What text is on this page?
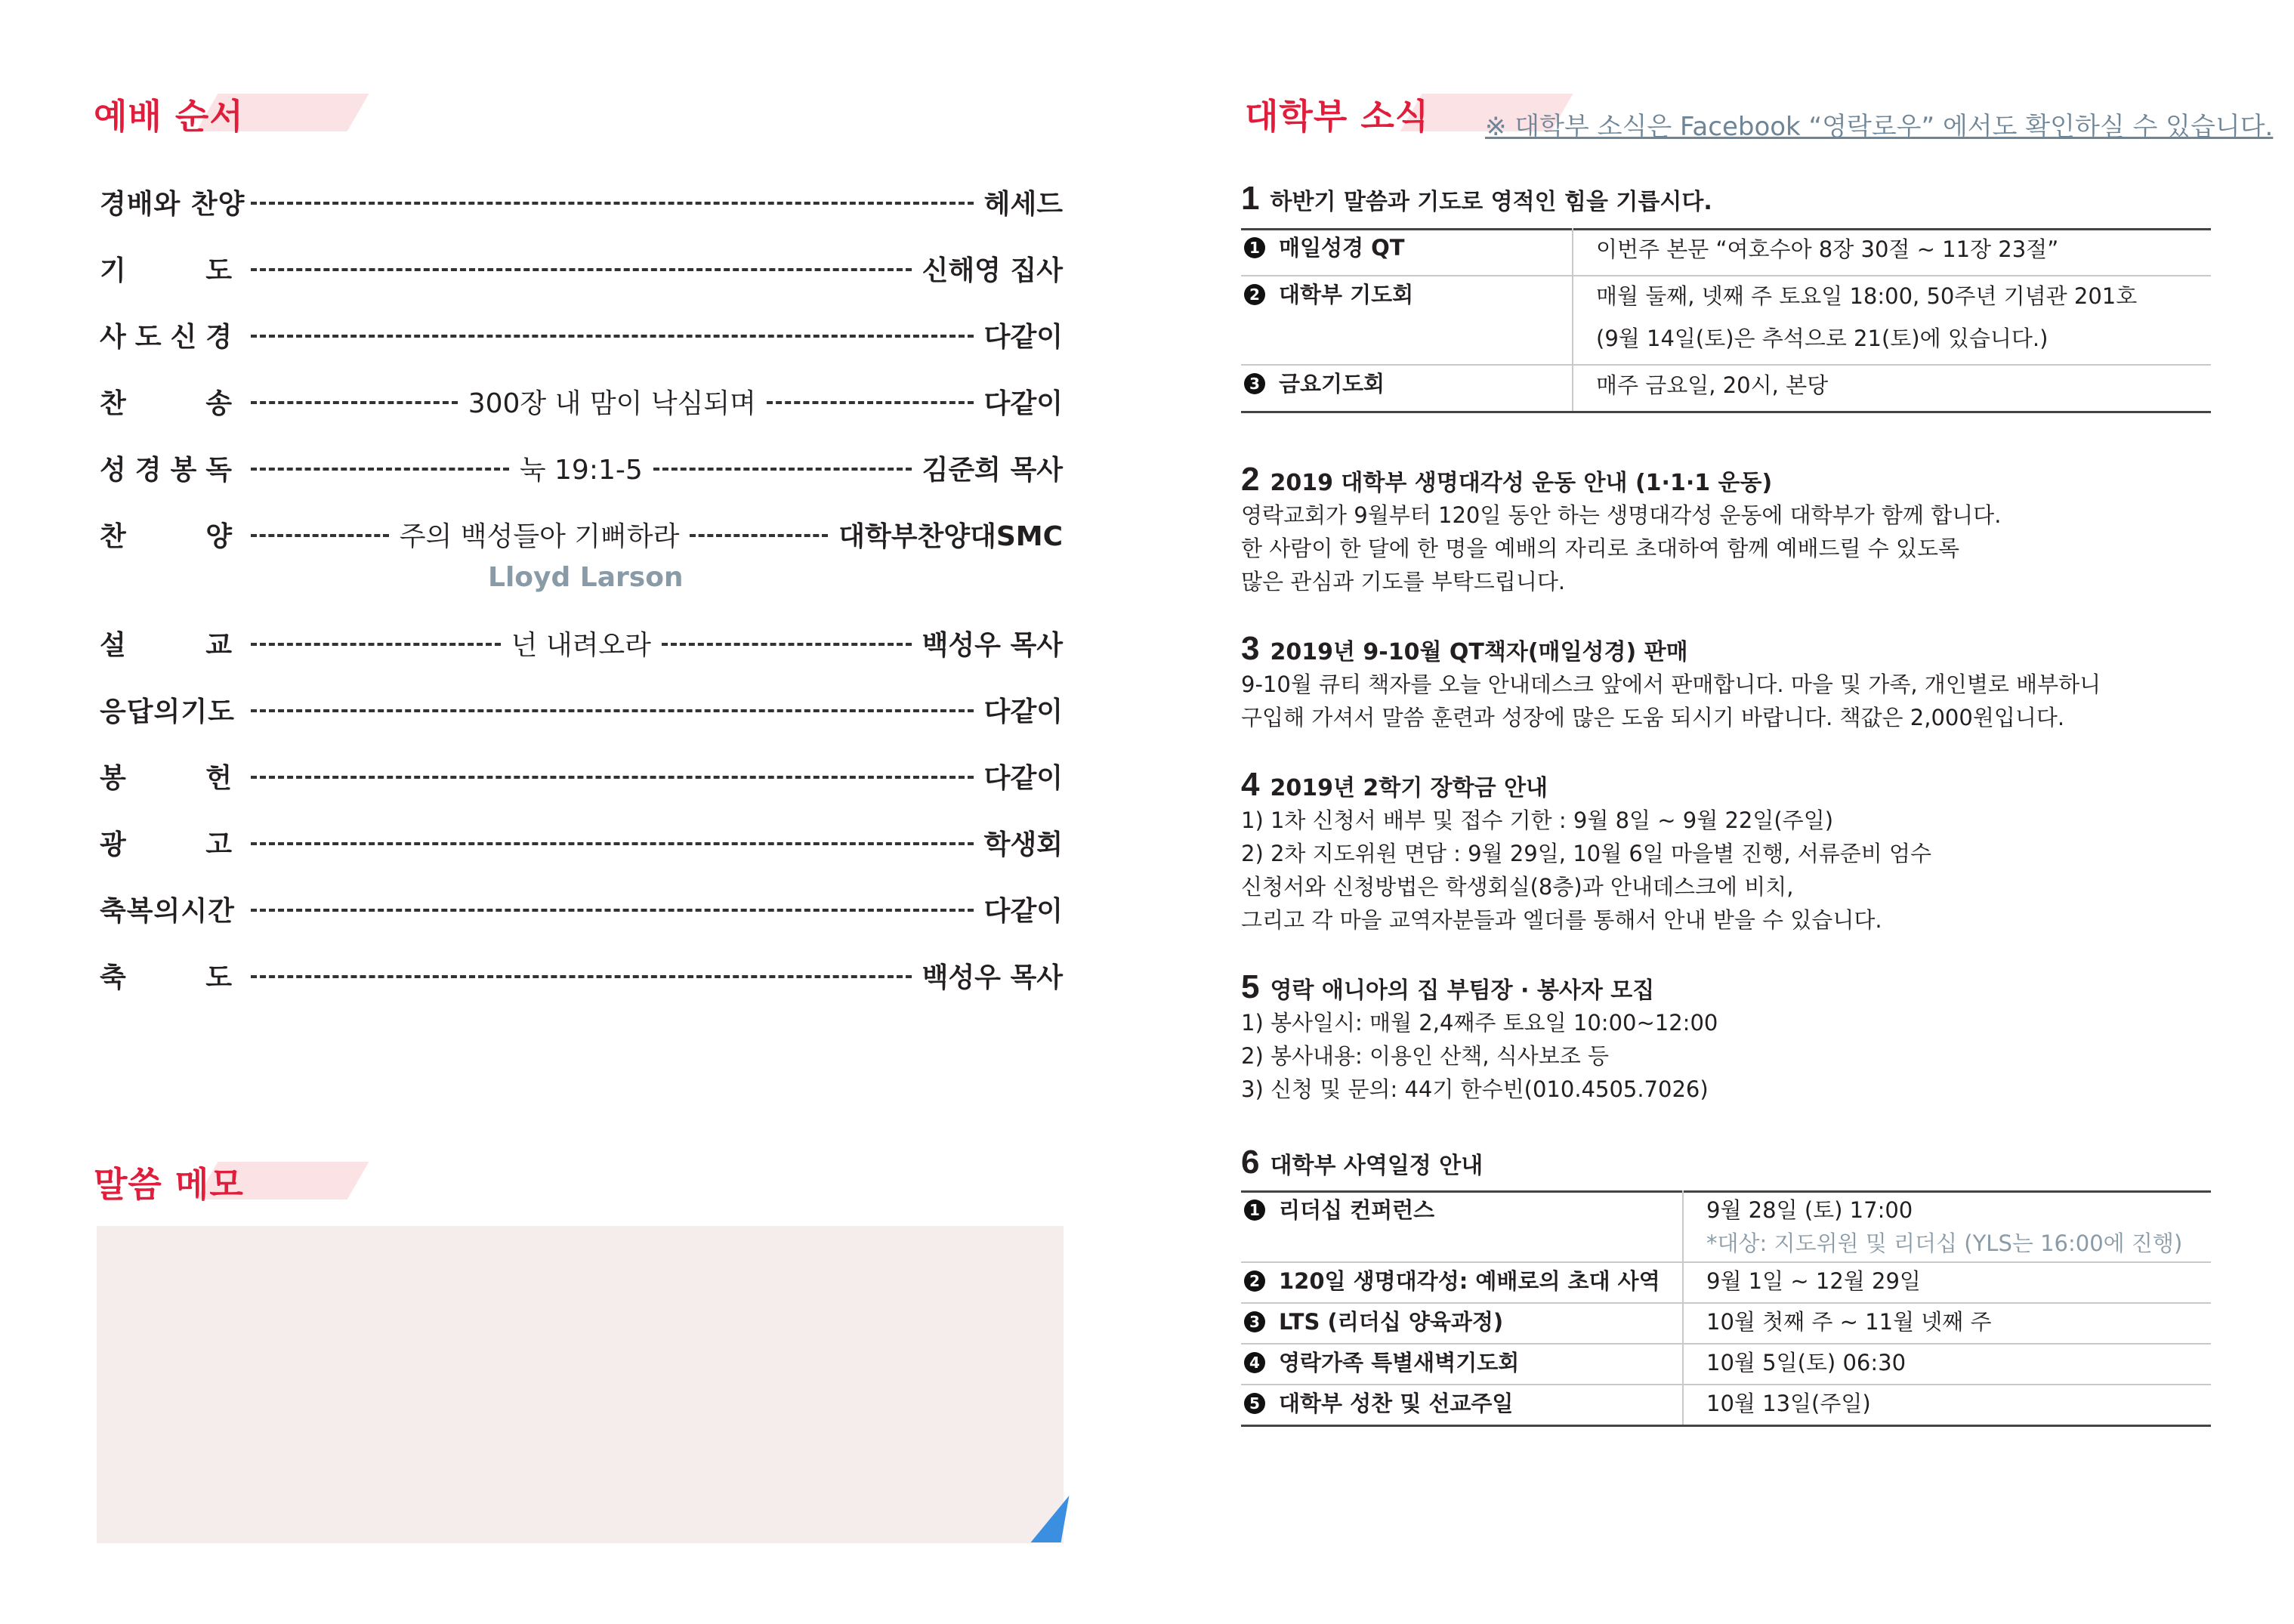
예배 순서
경배와 찬양	헤세드
기	도	신해영 집사
사 도 신 경	다같이
찬	송	300장 내 맘이 낙심되며	다같이
성 경 봉 독	눅 19:1-5	김준희 목사
찬	양	주의 백성들아 기뻐하라	대학부찬양대SMC
설	교	넌 내려오라	백성우 목사
응답의기도	다같이
봉	헌	다같이
광	고	학생회
축복의시간	다같이
축	도	백성우 목사
Lloyd Larson
말씀 메모
대학부 소식 ※ 대학부 소식은 Facebook “영락로우” 에서도 확인하실 수 있습니다.
1 하반기 말씀과 기도로 영적인 힘을 기릅시다.
1 매일성경 QT	이번주 본문 “여호수아 8장 30절 ~ 11장 23절”
2 대학부 기도회	매월 둘째, 넷째 주 토요일 18:00, 50주년 기념관 201호
(9월 14일(토)은 추석으로 21(토)에 있습니다.)
3 금요기도회	매주 금요일, 20시, 본당
2 2019 대학부 생명대각성 운동 안내 (1·1·1 운동)
영락교회가 9월부터 120일 동안 하는 생명대각성 운동에 대학부가 함께 합니다.
한 사람이 한 달에 한 명을 예배의 자리로 초대하여 함께 예배드릴 수 있도록
많은 관심과 기도를 부탁드립니다.
3 2019년 9-10월 QT책자(매일성경) 판매
9-10월 큐티 책자를 오늘 안내데스크 앞에서 판매합니다. 마을 및 가족, 개인별로 배부하니
구입해 가셔서 말씀 훈련과 성장에 많은 도움 되시기 바랍니다. 책값은 2,000원입니다.
4 2019년 2학기 장학금 안내
1) 1차 신청서 배부 및 접수 기한 : 9월 8일 ~ 9월 22일(주일)
2) 2차 지도위원 면담 : 9월 29일, 10월 6일 마을별 진행, 서류준비 엄수
신청서와 신청방법은 학생회실(8층)과 안내데스크에 비치,
그리고 각 마을 교역자분들과 엘더를 통해서 안내 받을 수 있습니다.
5 영락 애니아의 집 부팀장 · 봉사자 모집
1) 봉사일시: 매월 2,4째주 토요일 10:00~12:00
2) 봉사내용: 이용인 산책, 식사보조 등
3) 신청 및 문의: 44기 한수빈(010.4505.7026)
6 대학부 사역일정 안내
1 리더십 컨퍼런스	9월 28일 (토) 17:00
*대상: 지도위원 및 리더십 (YLS는 16:00에 진행)
2 120일 생명대각성: 예배로의 초대 사역 9월 1일 ~ 12월 29일
3 LTS (리더십 양육과정)	10월 첫째 주 ~ 11월 넷째 주
4 영락가족 특별새벽기도회	10월 5일(토) 06:30
5 대학부 성찬 및 선교주일	10월 13일(주일)
